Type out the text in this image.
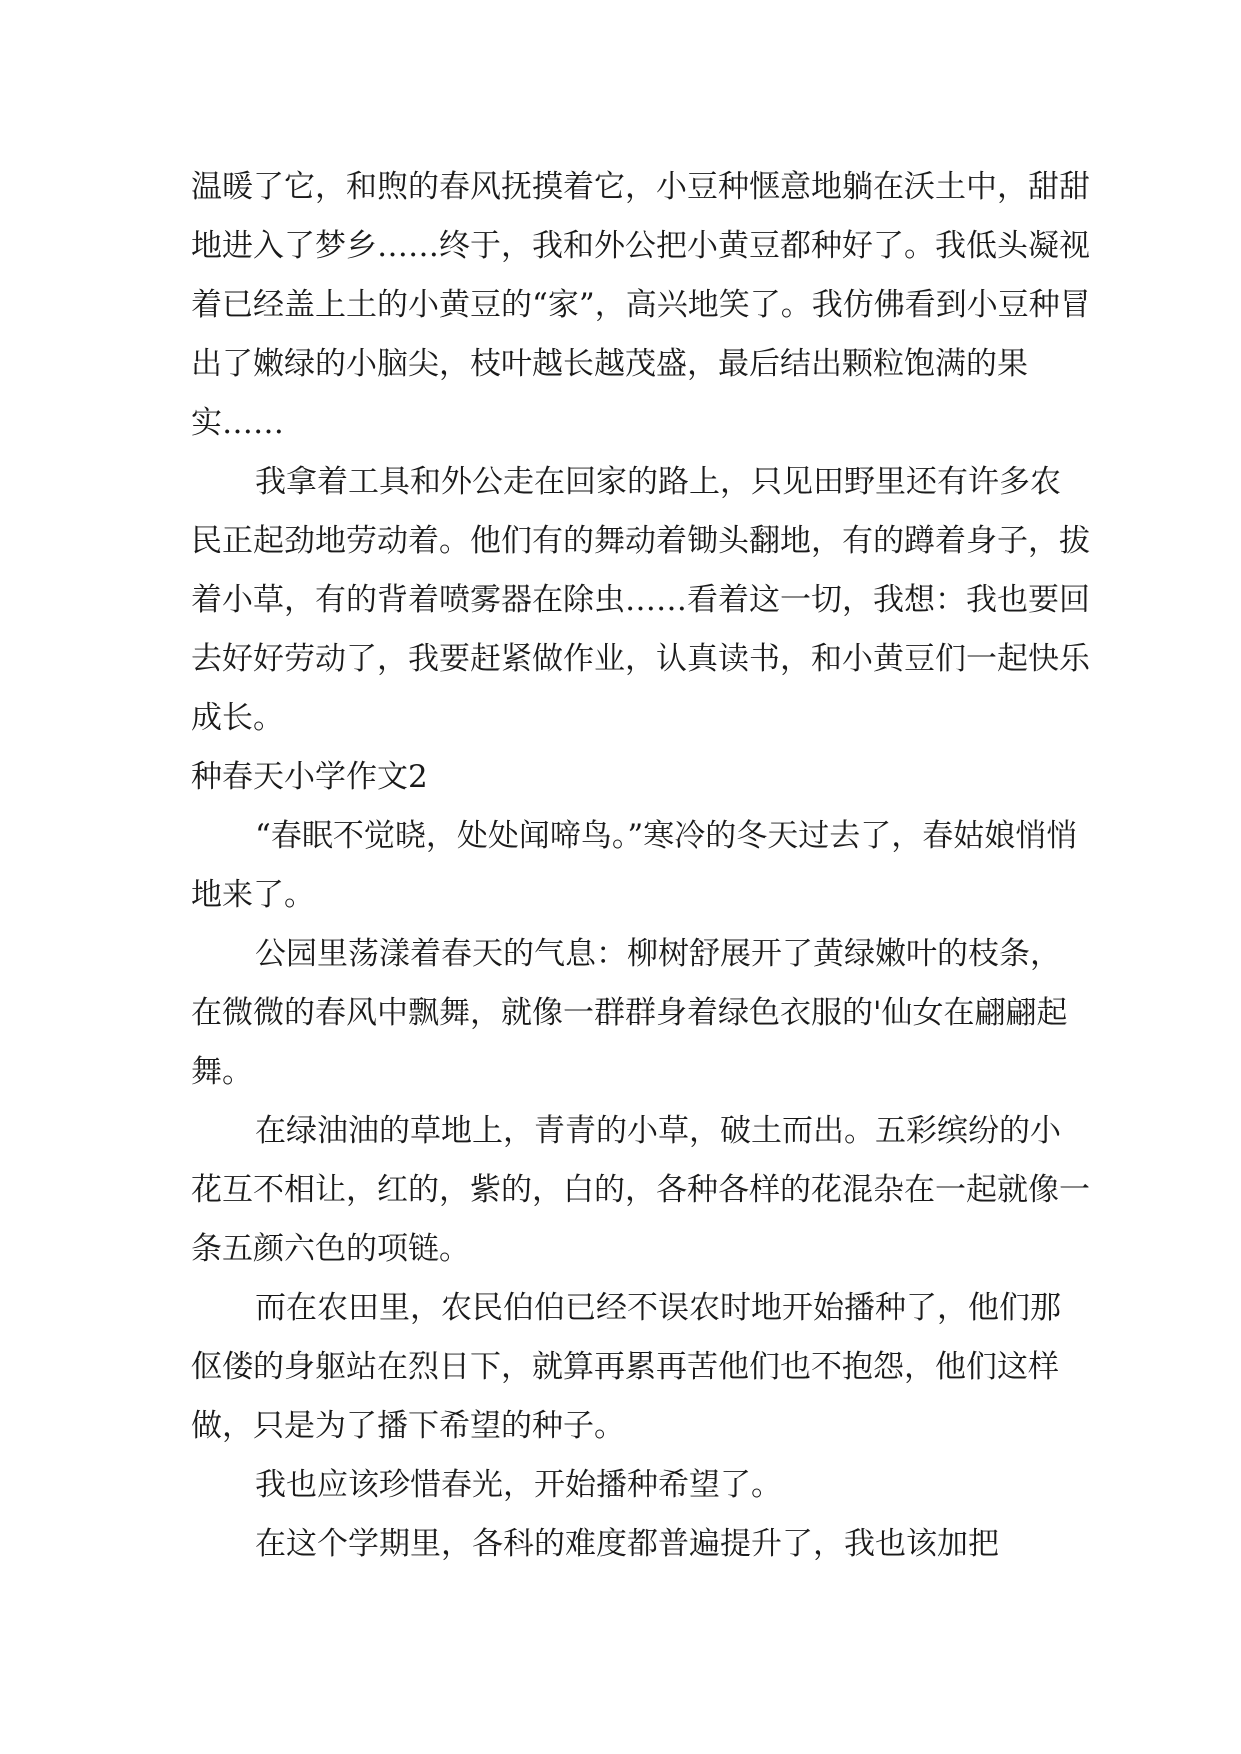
温暖了它，和煦的春风抚摸着它，小豆种惬意地躺在沃土中，甜甜地进入了梦乡……终于，我和外公把小黄豆都种好了。我低头凝视着已经盖上土的小黄豆的“家”，高兴地笑了。我仿佛看到小豆种冒出了嫩绿的小脑尖，枝叶越长越茂盛，最后结出颗粒饱满的果实……

我拿着工具和外公走在回家的路上，只见田野里还有许多农民正起劲地劳动着。他们有的舞动着锄头翻地，有的蹲着身子，拔着小草，有的背着喷雾器在除虫……看着这一切，我想：我也要回去好好劳动了，我要赶紧做作业，认真读书，和小黄豆们一起快乐成长。

种春天小学作文2

“春眠不觉晓，处处闻啼鸟。”寒冷的冬天过去了，春姑娘悄悄地来了。

公园里荡漾着春天的气息：柳树舒展开了黄绿嫩叶的枝条，在微微的春风中飘舞，就像一群群身着绿色衣服的'仙女在翩翩起舞。

在绿油油的草地上，青青的小草，破土而出。五彩缤纷的小花互不相让，红的，紫的，白的，各种各样的花混杂在一起就像一条五颜六色的项链。

而在农田里，农民伯伯已经不误农时地开始播种了，他们那伛偻的身躯站在烈日下，就算再累再苦他们也不抱怨，他们这样做，只是为了播下希望的种子。

我也应该珍惜春光，开始播种希望了。

在这个学期里，各科的难度都普遍提升了，我也该加把
